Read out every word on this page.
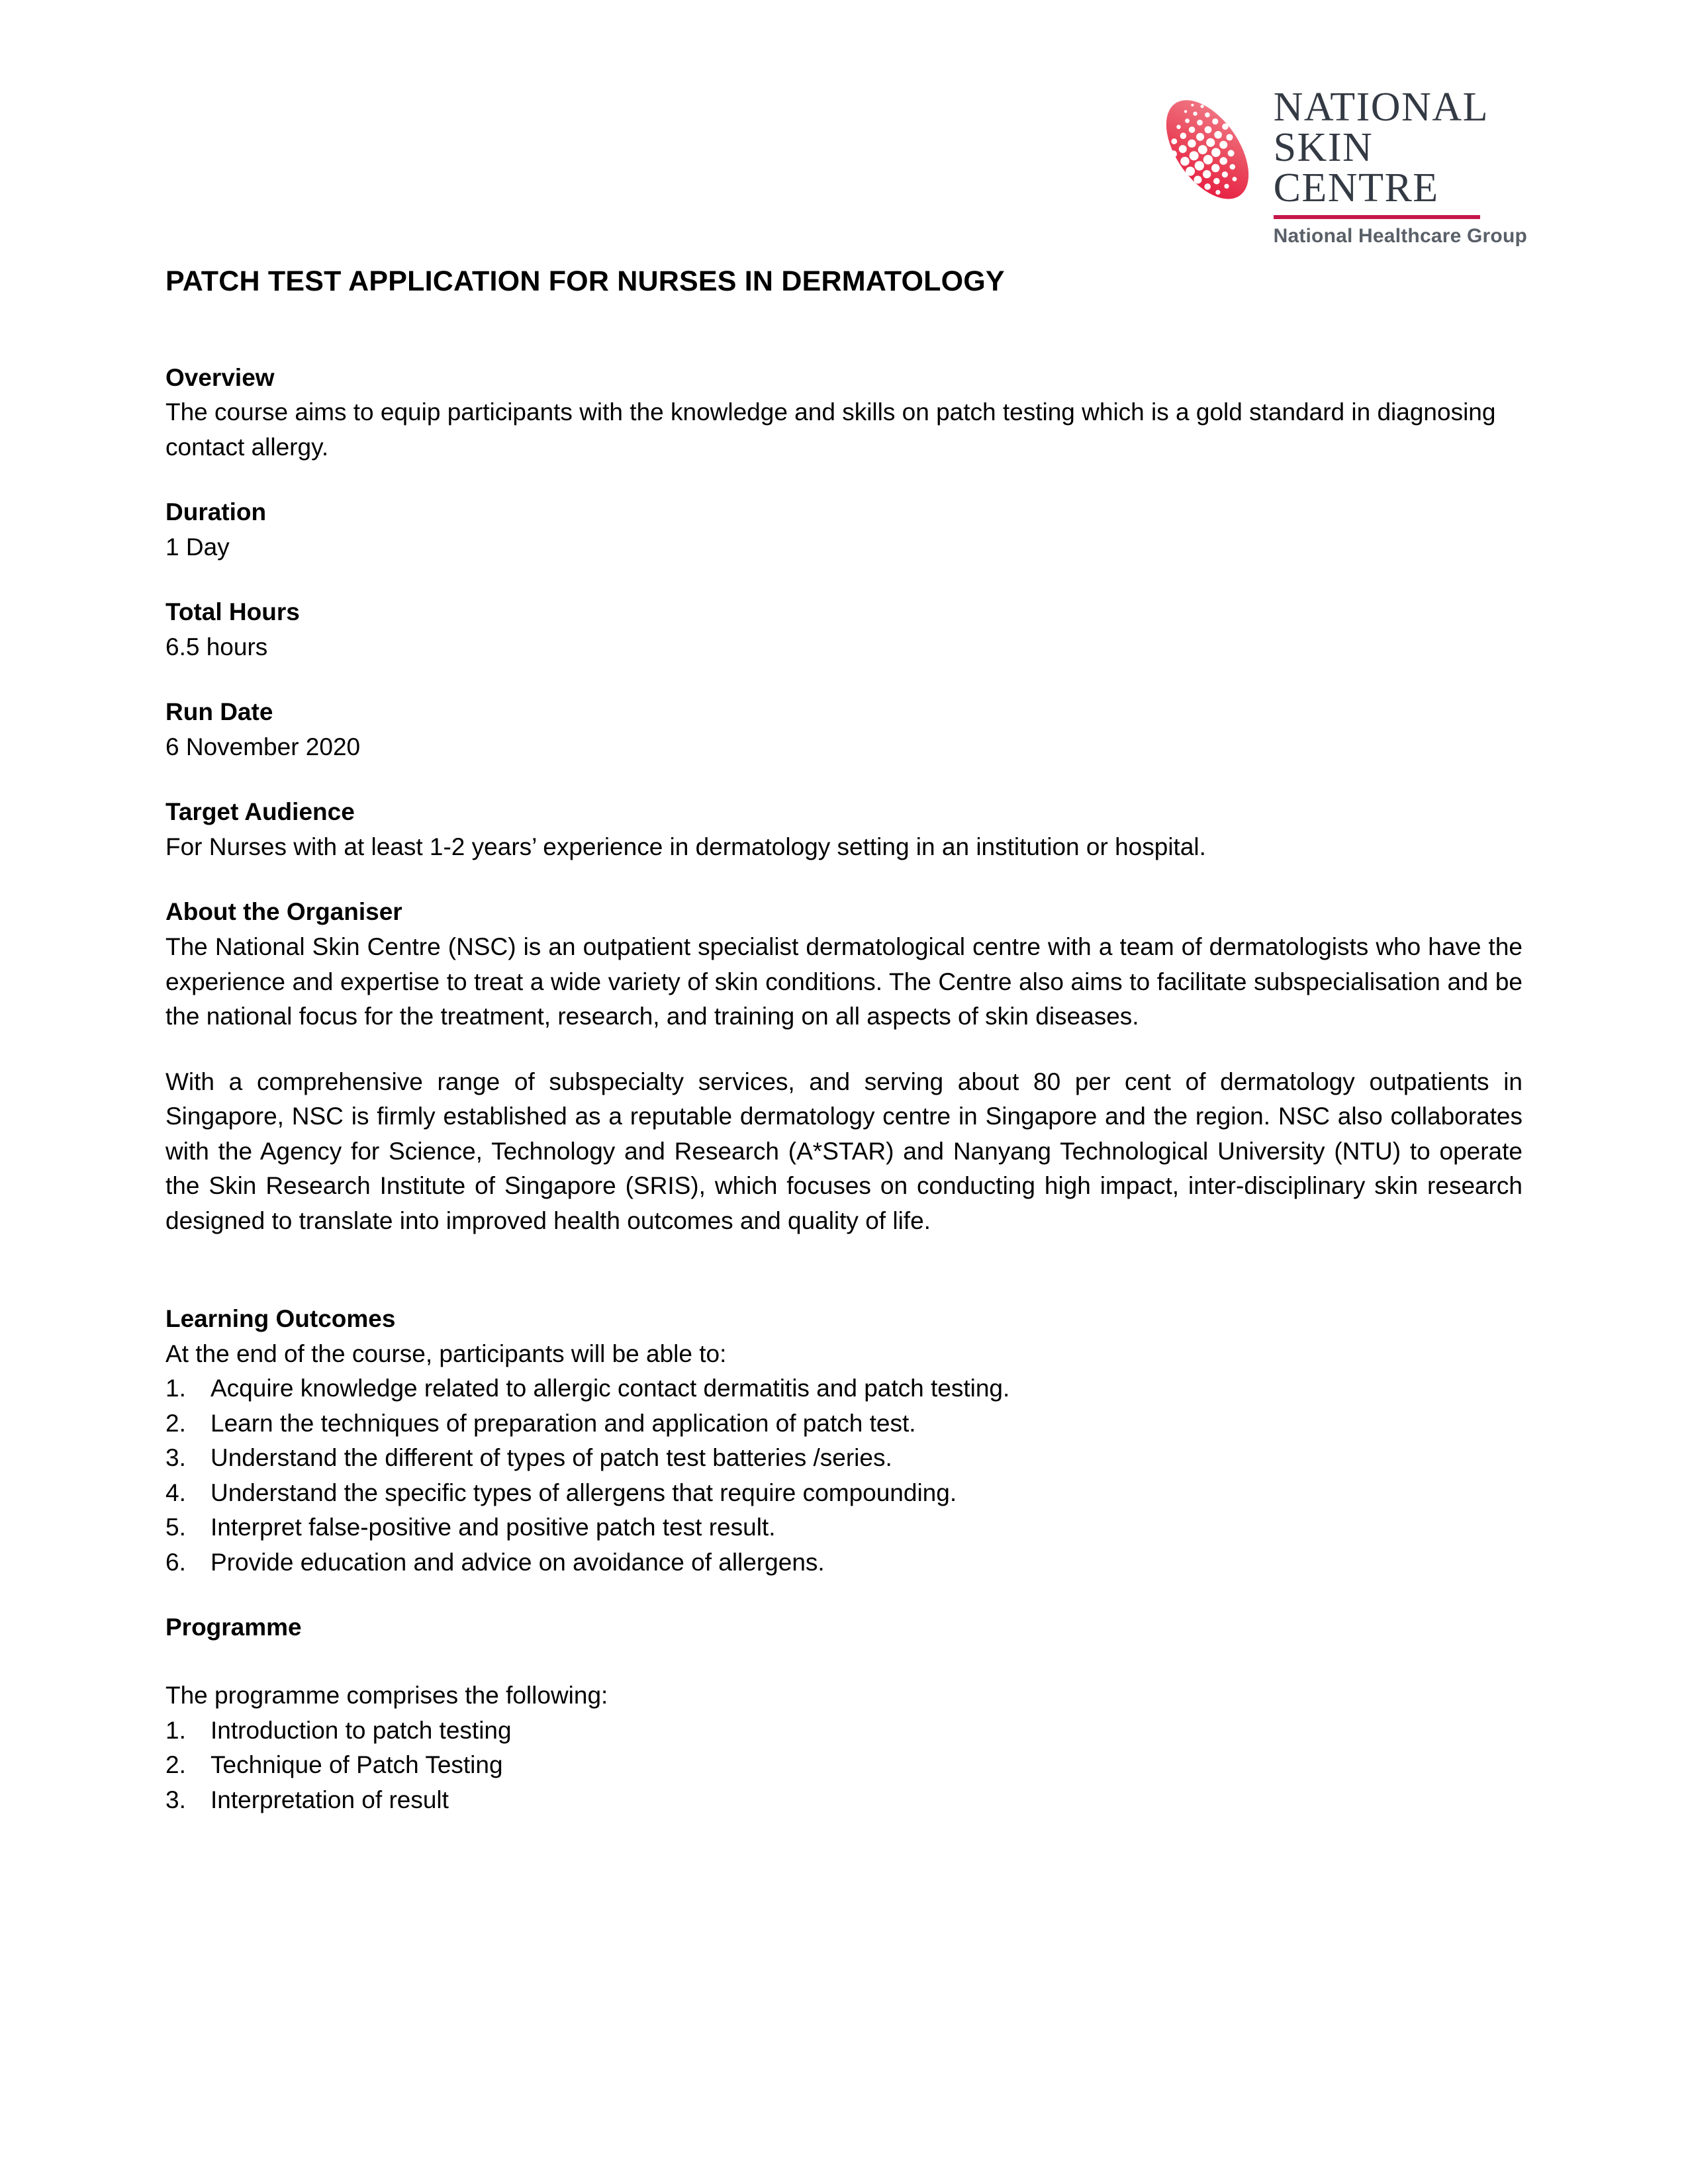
NATIONAL
SKIN
CENTRE
National Healthcare Group
PATCH TEST APPLICATION FOR NURSES IN DERMATOLOGY
Overview
The course aims to equip participants with the knowledge and skills on patch testing which is a gold standard in diagnosing contact allergy.
Duration
1 Day
Total Hours
6.5 hours
Run Date
6 November 2020
Target Audience
For Nurses with at least 1-2 years’ experience in dermatology setting in an institution or hospital.
About the Organiser

The National Skin Centre (NSC) is an outpatient specialist dermatological centre with a team of dermatologists who have the experience and expertise to treat a wide variety of skin conditions. The Centre also aims to facilitate subspecialisation and be the national focus for the treatment, research, and training on all aspects of skin diseases.

With a comprehensive range of subspecialty services, and serving about 80 per cent of dermatology outpatients in Singapore, NSC is firmly established as a reputable dermatology centre in Singapore and the region. NSC also collaborates with the Agency for Science, Technology and Research (A*STAR) and Nanyang Technological University (NTU) to operate the Skin Research Institute of Singapore (SRIS), which focuses on conducting high impact, inter-disciplinary skin research designed to translate into improved health outcomes and quality of life.

Learning Outcomes
At the end of the course, participants will be able to:
1.	Acquire knowledge related to allergic contact dermatitis and patch testing.
2.	Learn the techniques of preparation and application of patch test.
3.	Understand the different of types of patch test batteries /series.
4.	Understand the specific types of allergens that require compounding.
5.	Interpret false-positive and positive patch test result.
6.	Provide education and advice on avoidance of allergens.
Programme
The programme comprises the following:
1.	Introduction to patch testing
2.	Technique of Patch Testing
3.	Interpretation of result
